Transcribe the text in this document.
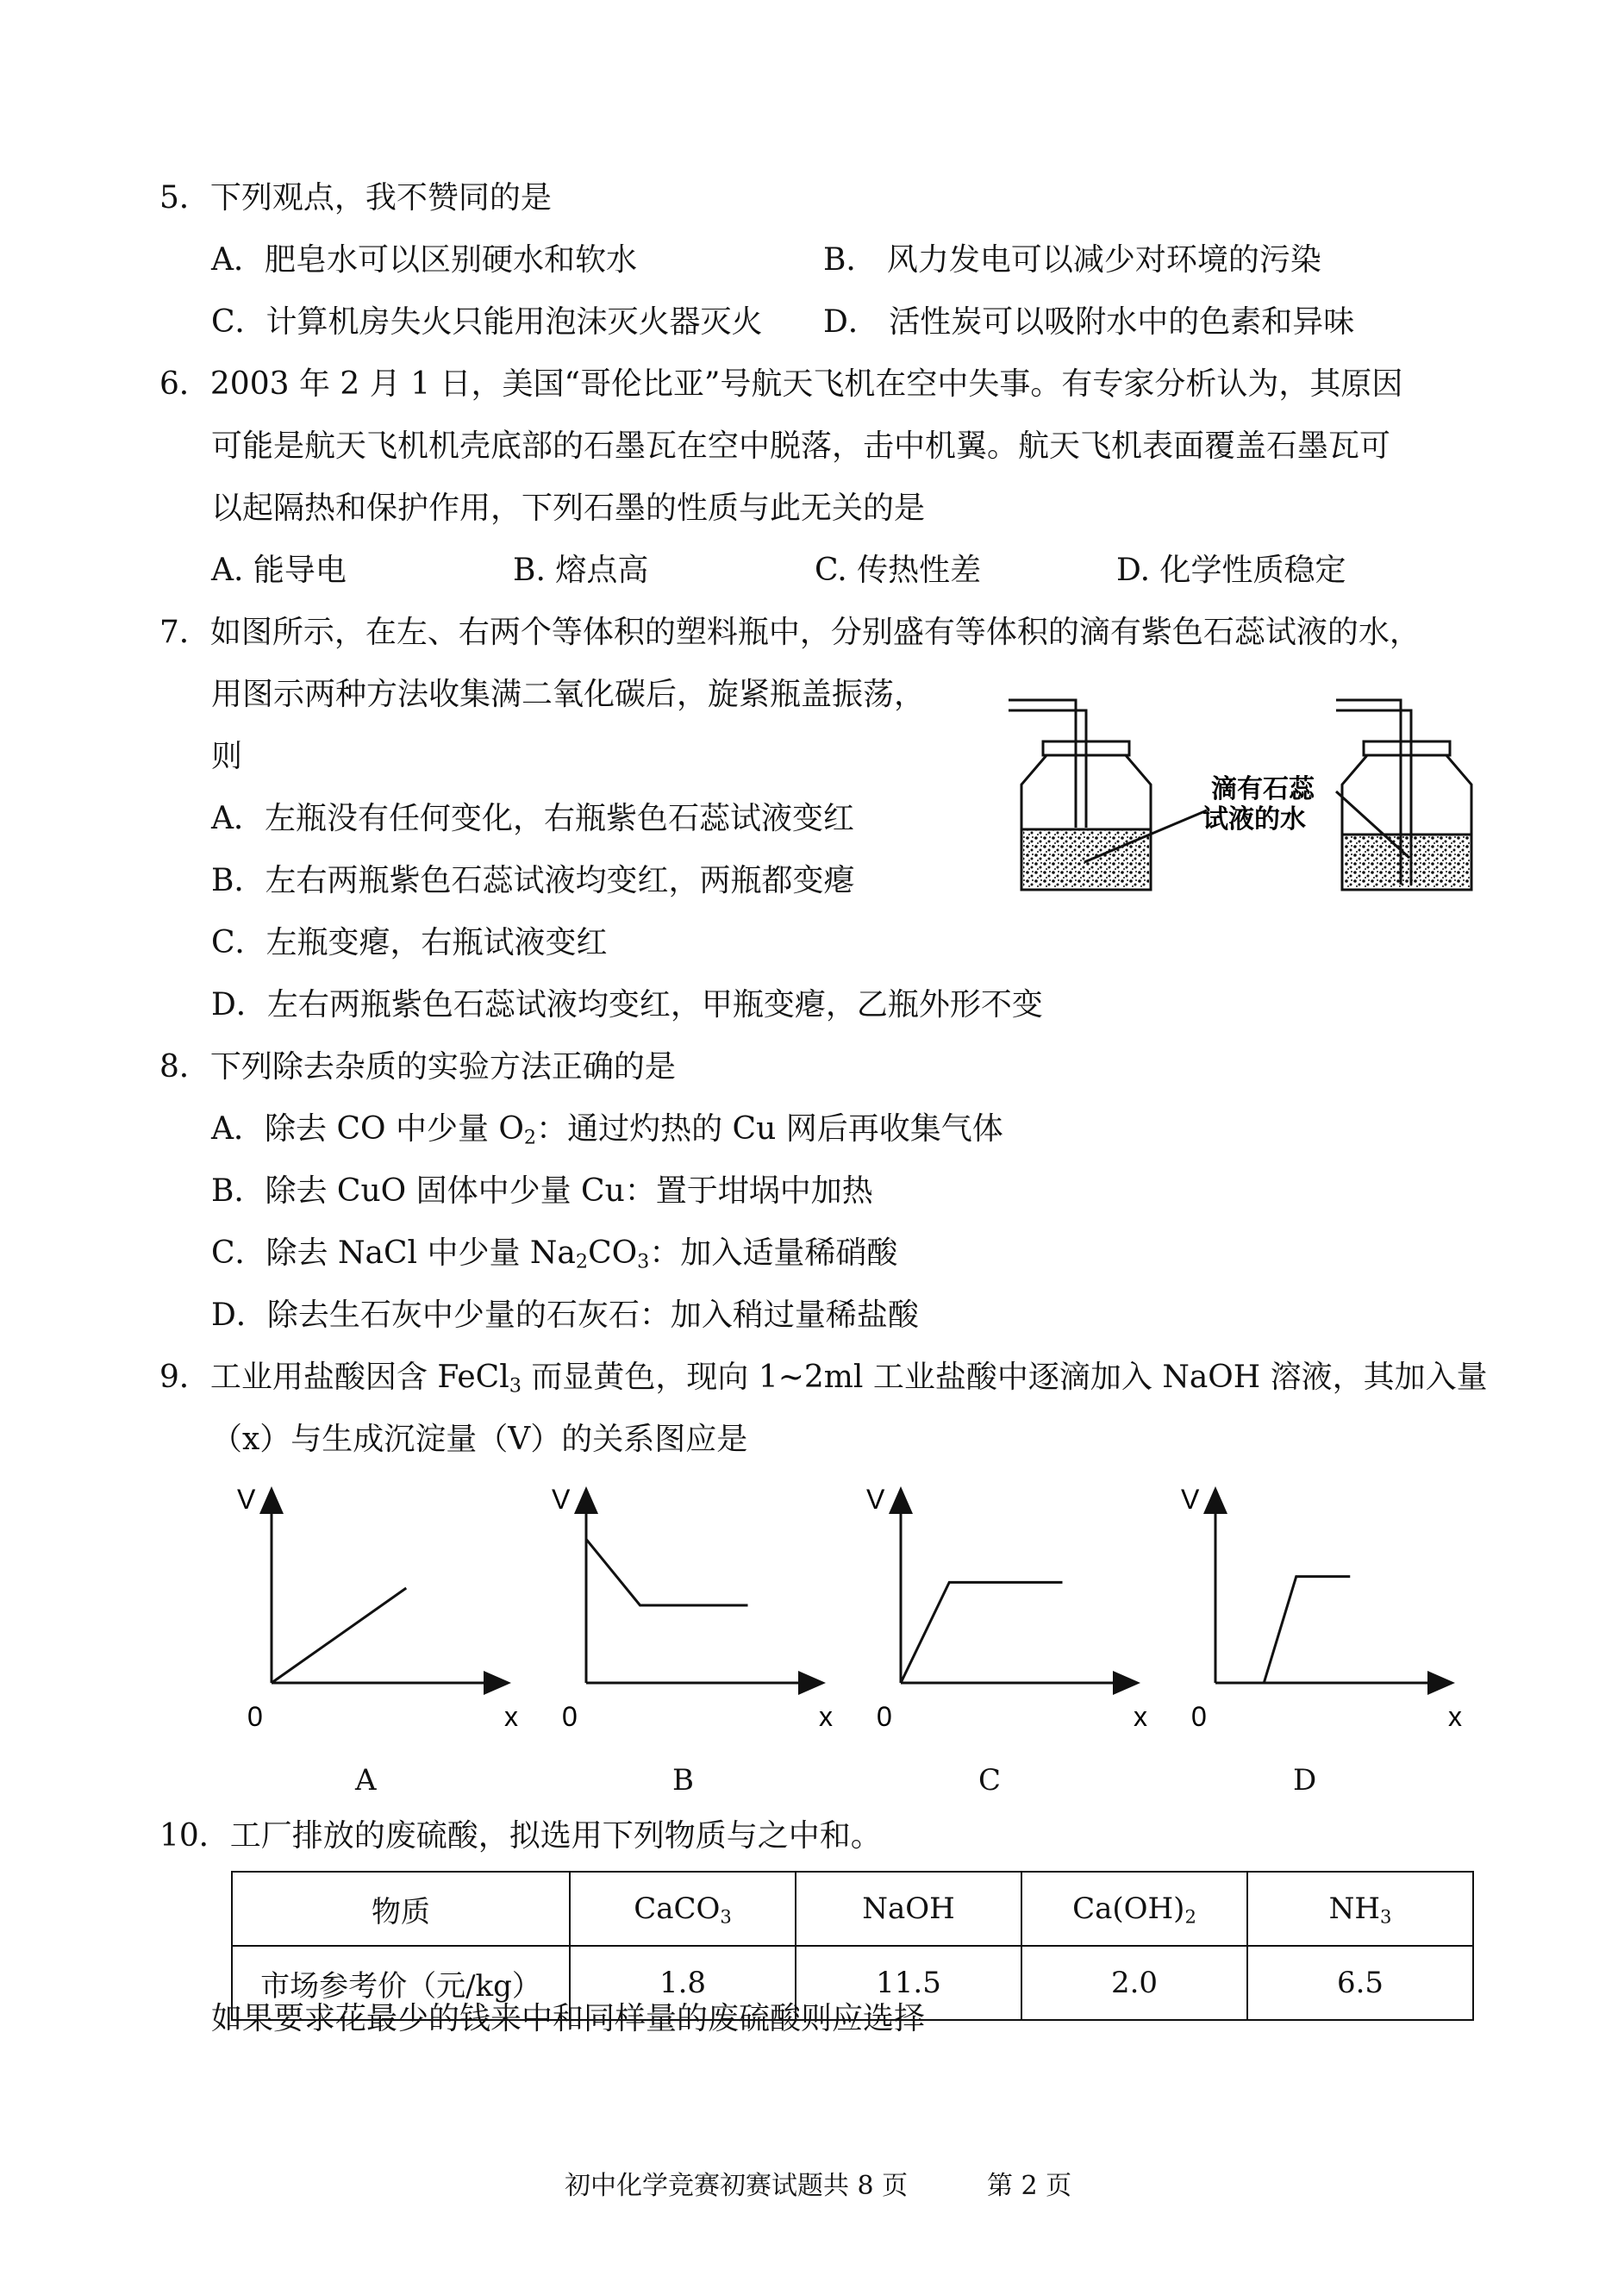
5．下列观点，我不赞同的是
A．肥皂水可以区别硬水和软水	B． 风力发电可以减少对环境的污染
C．计算机房失火只能用泡沫灭火器灭火 D． 活性炭可以吸附水中的色素和异味
6．2003 年 2 月 1 日，美国“哥伦比亚”号航天飞机在空中失事。有专家分析认为，其原因
可能是航天飞机机壳底部的石墨瓦在空中脱落，击中机翼。航天飞机表面覆盖石墨瓦可
以起隔热和保护作用，下列石墨的性质与此无关的是
A. 能导电	B. 熔点高	C. 传热性差	D. 化学性质稳定
7．如图所示，在左、右两个等体积的塑料瓶中，分别盛有等体积的滴有紫色石蕊试液的水，
用图示两种方法收集满二氧化碳后，旋紧瓶盖振荡，
则
A．左瓶没有任何变化，右瓶紫色石蕊试液变红
B．左右两瓶紫色石蕊试液均变红，两瓶都变瘪
C．左瓶变瘪，右瓶试液变红
D．左右两瓶紫色石蕊试液均变红，甲瓶变瘪，乙瓶外形不变
滴有石蕊
试液的水
8．下列除去杂质的实验方法正确的是
A．除去 CO 中少量 $O_2$：通过灼热的 Cu 网后再收集气体
B．除去 CuO 固体中少量 Cu：置于坩埚中加热
C．除去 NaCl 中少量 $Na_2CO_3$：加入适量稀硝酸
D．除去生石灰中少量的石灰石：加入稍过量稀盐酸
9．工业用盐酸因含 FeCl$_3$ 而显黄色，现向 1~2ml 工业盐酸中逐滴加入 NaOH 溶液，其加入量
（x）与生成沉淀量（V）的关系图应是
V
x
0
V
x
0
V
x
0
V
x
0
A	B	C	D
10．工厂排放的废硫酸，拟选用下列物质与之中和。
物质	CaCO$_3$	NaOH	$Ca(OH)_2$	$NH_3$
市场参考价（元/kg）	1.8	11.5	2.0	6.5
如果要求花最少的钱来中和同样量的废硫酸则应选择
初中化学竞赛初赛试题共 8 页	第 2 页
